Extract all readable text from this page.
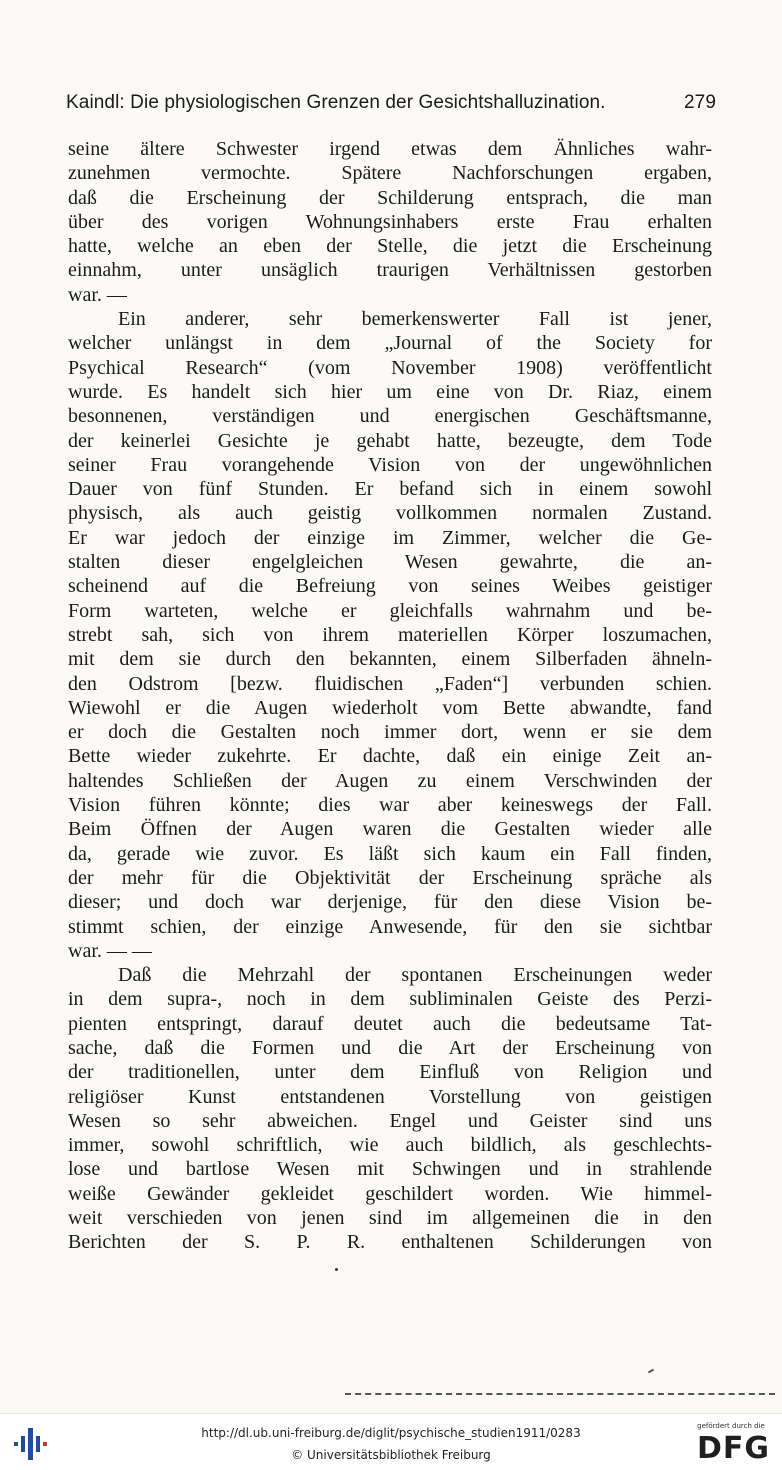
Kaindl: Die physiologischen Grenzen der Gesichtshalluzination.	279
seine ältere Schwester irgend etwas dem Ähnliches wahr-
zunehmen vermochte. Spätere Nachforschungen ergaben,
daß die Erscheinung der Schilderung entsprach, die man
über des vorigen Wohnungsinhabers erste Frau erhalten
hatte, welche an eben der Stelle, die jetzt die Erscheinung
einnahm, unter unsäglich traurigen Verhältnissen gestorben
war. —
Ein anderer, sehr bemerkenswerter Fall ist jener,
welcher unlängst in dem „Journal of the Society for
Psychical Research“ (vom November 1908) veröffentlicht
wurde. Es handelt sich hier um eine von Dr. Riaz, einem
besonnenen, verständigen und energischen Geschäftsmanne,
der keinerlei Gesichte je gehabt hatte, bezeugte, dem Tode
seiner Frau vorangehende Vision von der ungewöhnlichen
Dauer von fünf Stunden. Er befand sich in einem sowohl
physisch, als auch geistig vollkommen normalen Zustand.
Er war jedoch der einzige im Zimmer, welcher die Ge-
stalten dieser engelgleichen Wesen gewahrte, die an-
scheinend auf die Befreiung von seines Weibes geistiger
Form warteten, welche er gleichfalls wahrnahm und be-
strebt sah, sich von ihrem materiellen Körper loszumachen,
mit dem sie durch den bekannten, einem Silberfaden ähneln-
den Odstrom [bezw. fluidischen „Faden“] verbunden schien.
Wiewohl er die Augen wiederholt vom Bette abwandte, fand
er doch die Gestalten noch immer dort, wenn er sie dem
Bette wieder zukehrte. Er dachte, daß ein einige Zeit an-
haltendes Schließen der Augen zu einem Verschwinden der
Vision führen könnte; dies war aber keineswegs der Fall.
Beim Öffnen der Augen waren die Gestalten wieder alle
da, gerade wie zuvor. Es läßt sich kaum ein Fall finden,
der mehr für die Objektivität der Erscheinung spräche als
dieser; und doch war derjenige, für den diese Vision be-
stimmt schien, der einzige Anwesende, für den sie sichtbar
war. — —
Daß die Mehrzahl der spontanen Erscheinungen weder
in dem supra-, noch in dem subliminalen Geiste des Perzi-
pienten entspringt, darauf deutet auch die bedeutsame Tat-
sache, daß die Formen und die Art der Erscheinung von
der traditionellen, unter dem Einfluß von Religion und
religiöser Kunst entstandenen Vorstellung von geistigen
Wesen so sehr abweichen. Engel und Geister sind uns
immer, sowohl schriftlich, wie auch bildlich, als geschlechts-
lose und bartlose Wesen mit Schwingen und in strahlende
weiße Gewänder gekleidet geschildert worden. Wie himmel-
weit verschieden von jenen sind im allgemeinen die in den
Berichten der S. P. R. enthaltenen Schilderungen von
http://dl.ub.uni-freiburg.de/diglit/psychische_studien1911/0283
© Universitätsbibliothek Freiburg
gefördert durch die
DFG
